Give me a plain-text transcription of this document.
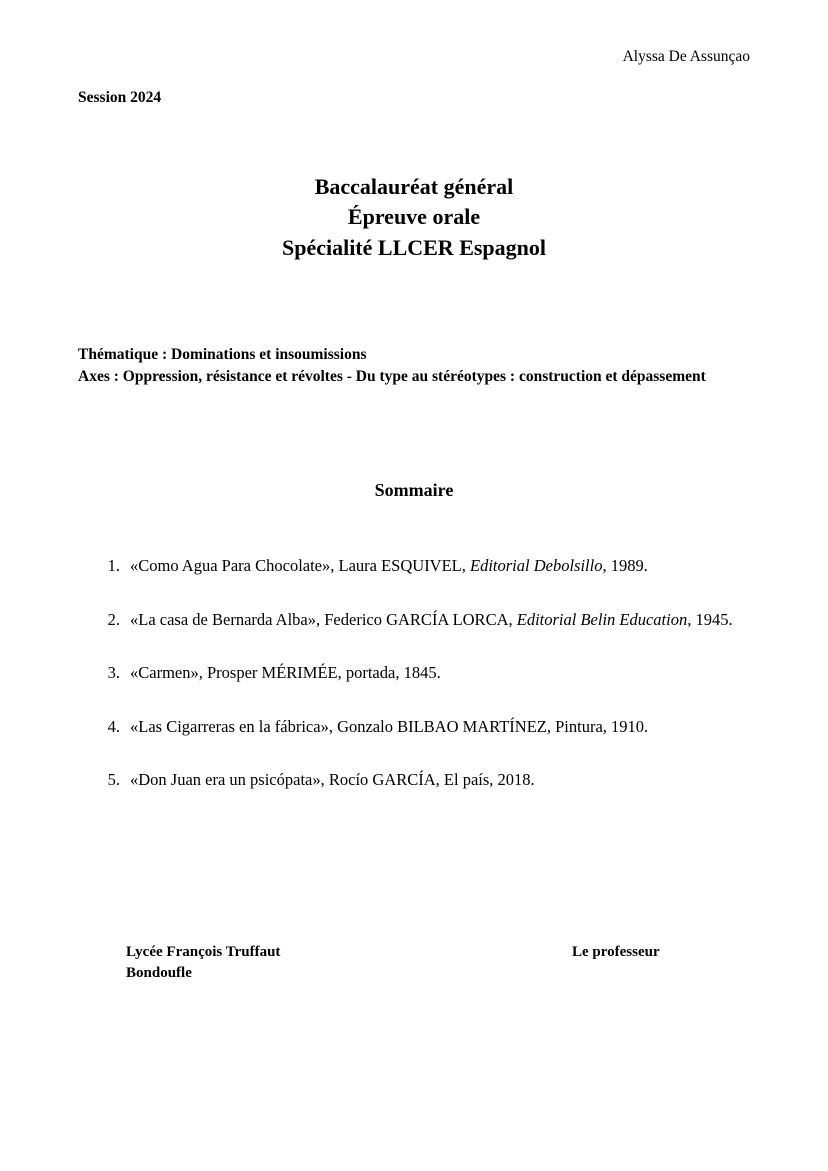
Alyssa De Assunçao
Session 2024
Baccalauréat général
Épreuve orale
Spécialité LLCER Espagnol
Thématique : Dominations et insoumissions
Axes : Oppression, résistance et révoltes - Du type au stéréotypes : construction et dépassement
Sommaire
1. «Como Agua Para Chocolate», Laura ESQUIVEL, Editorial Debolsillo, 1989.
2. «La casa de Bernarda Alba», Federico GARCÍA LORCA, Editorial Belin Education, 1945.
3. «Carmen», Prosper MÉRIMÉE, portada, 1845.
4. «Las Cigarreras en la fábrica», Gonzalo BILBAO MARTÍNEZ, Pintura, 1910.
5. «Don Juan era un psicópata», Rocío GARCÍA, El país, 2018.
Lycée François Truffaut
Bondoufle
Le professeur
